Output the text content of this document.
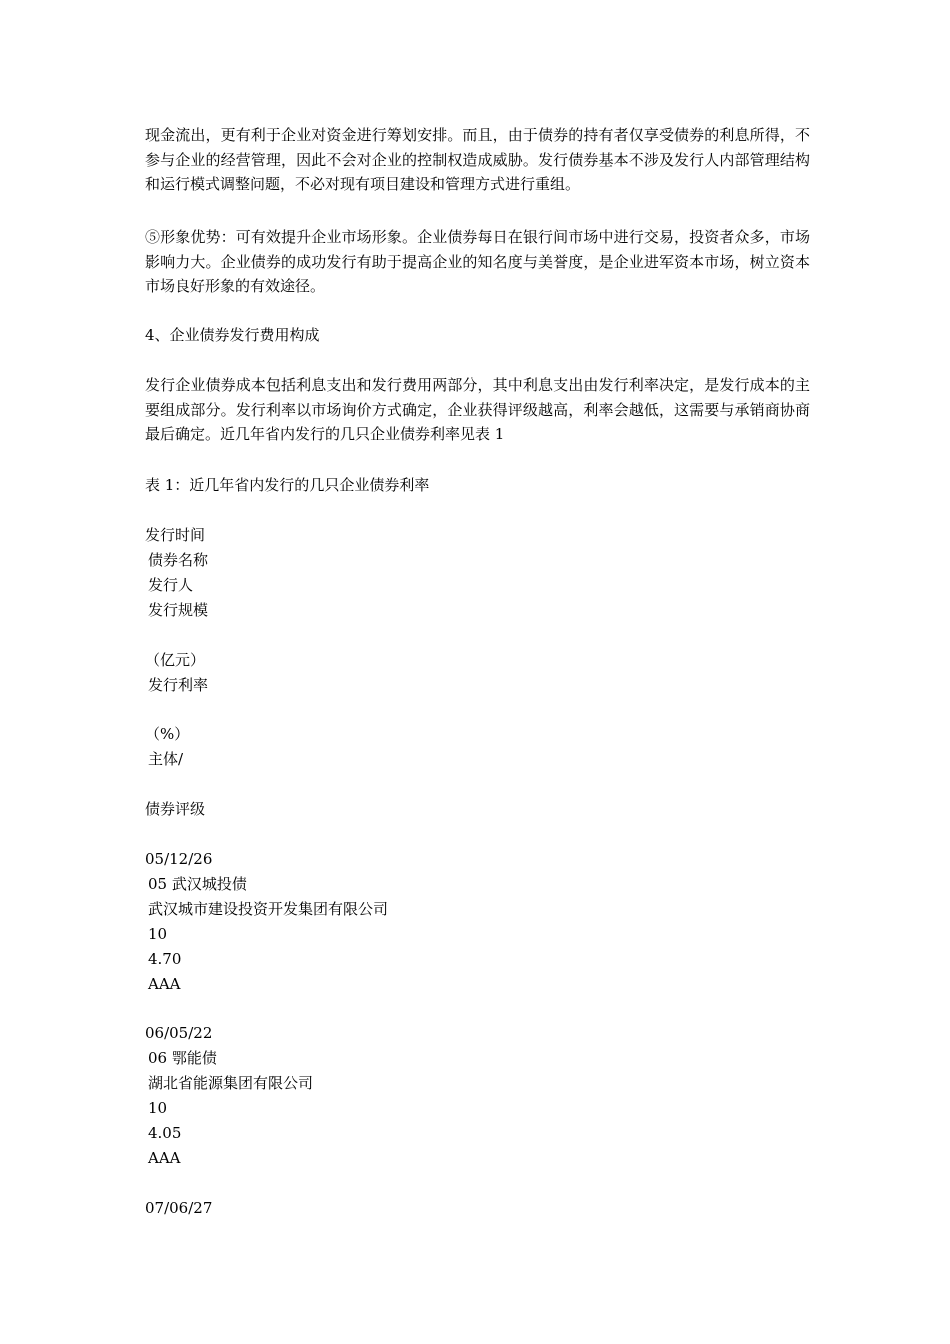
现金流出，更有利于企业对资金进行筹划安排。而且，由于债券的持有者仅享受债券的利息所得，不参与企业的经营管理，因此不会对企业的控制权造成威胁。发行债券基本不涉及发行人内部管理结构和运行模式调整问题，不必对现有项目建设和管理方式进行重组。
⑤形象优势：可有效提升企业市场形象。企业债券每日在银行间市场中进行交易，投资者众多，市场影响力大。企业债券的成功发行有助于提高企业的知名度与美誉度，是企业进军资本市场，树立资本市场良好形象的有效途径。
4、企业债券发行费用构成
发行企业债券成本包括利息支出和发行费用两部分，其中利息支出由发行利率决定，是发行成本的主要组成部分。发行利率以市场询价方式确定，企业获得评级越高，利率会越低，这需要与承销商协商最后确定。近几年省内发行的几只企业债券利率见表 1
表 1：近几年省内发行的几只企业债券利率
发行时间
债券名称
发行人
发行规模
（亿元）
发行利率
（%）
主体/
债券评级
05/12/26
05 武汉城投债
武汉城市建设投资开发集团有限公司
10
4.70
AAA
06/05/22
06 鄂能债
湖北省能源集团有限公司
10
4.05
AAA
07/06/27
